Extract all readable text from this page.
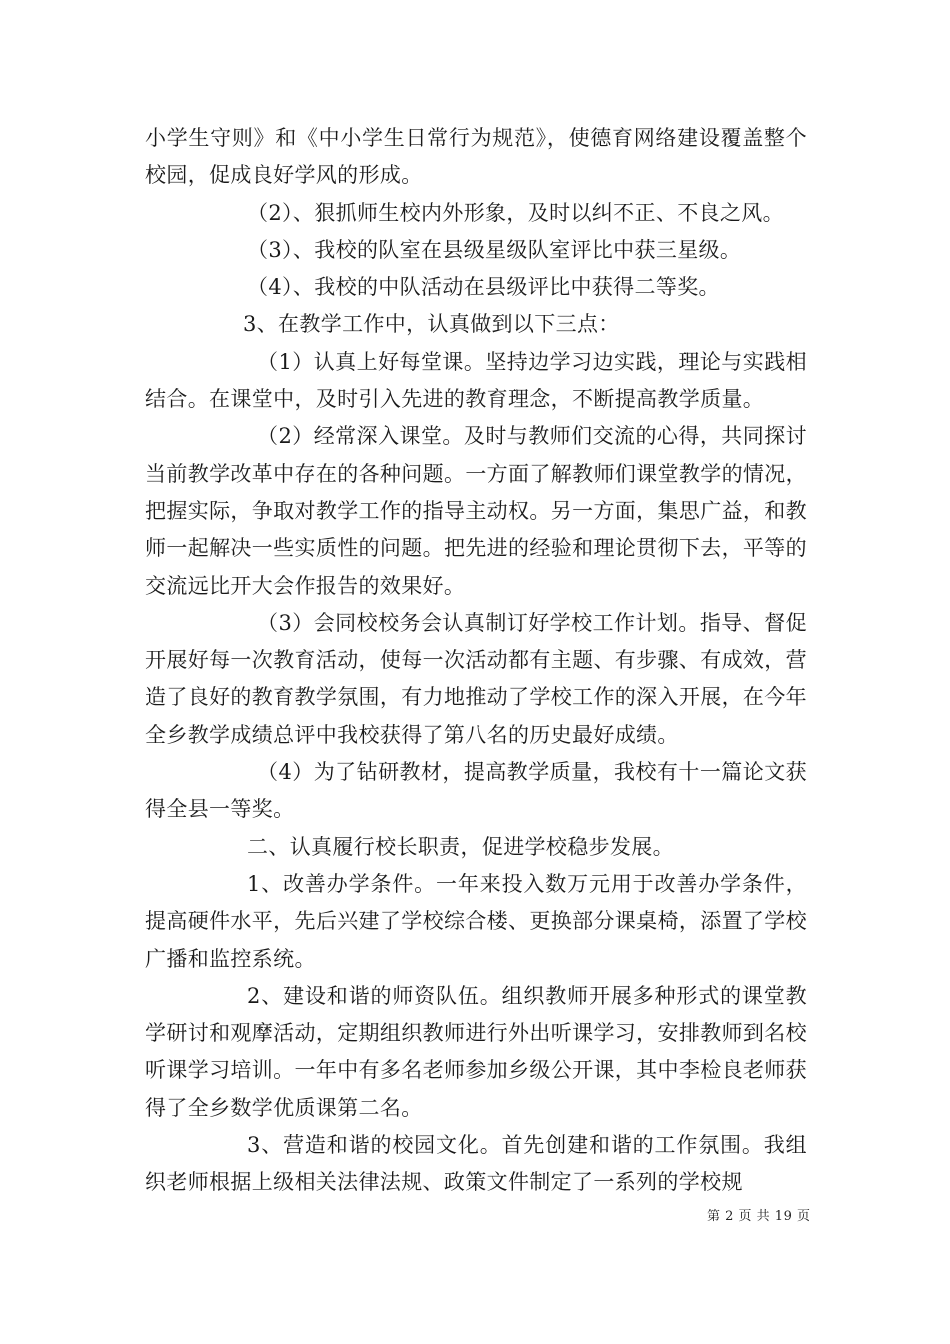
小学生守则》和《中小学生日常行为规范》，使德育网络建设覆盖整个校园，促成良好学风的形成。

（2）、狠抓师生校内外形象，及时以纠不正、不良之风。

（3）、我校的队室在县级星级队室评比中获三星级。

（4）、我校的中队活动在县级评比中获得二等奖。

3、在教学工作中，认真做到以下三点：

（1）认真上好每堂课。坚持边学习边实践，理论与实践相结合。在课堂中，及时引入先进的教育理念，不断提高教学质量。

（2）经常深入课堂。及时与教师们交流的心得，共同探讨当前教学改革中存在的各种问题。一方面了解教师们课堂教学的情况，把握实际，争取对教学工作的指导主动权。另一方面，集思广益，和教师一起解决一些实质性的问题。把先进的经验和理论贯彻下去，平等的交流远比开大会作报告的效果好。

（3）会同校校务会认真制订好学校工作计划。指导、督促开展好每一次教育活动，使每一次活动都有主题、有步骤、有成效，营造了良好的教育教学氛围，有力地推动了学校工作的深入开展，在今年全乡教学成绩总评中我校获得了第八名的历史最好成绩。

（4）为了钻研教材，提高教学质量，我校有十一篇论文获得全县一等奖。

二、认真履行校长职责，促进学校稳步发展。

1、改善办学条件。一年来投入数万元用于改善办学条件，提高硬件水平，先后兴建了学校综合楼、更换部分课桌椅，添置了学校广播和监控系统。

2、建设和谐的师资队伍。组织教师开展多种形式的课堂教学研讨和观摩活动，定期组织教师进行外出听课学习，安排教师到名校听课学习培训。一年中有多名老师参加乡级公开课，其中李检良老师获得了全乡数学优质课第二名。

3、营造和谐的校园文化。首先创建和谐的工作氛围。我组织老师根据上级相关法律法规、政策文件制定了一系列的学校规

第 2 页 共 19 页
